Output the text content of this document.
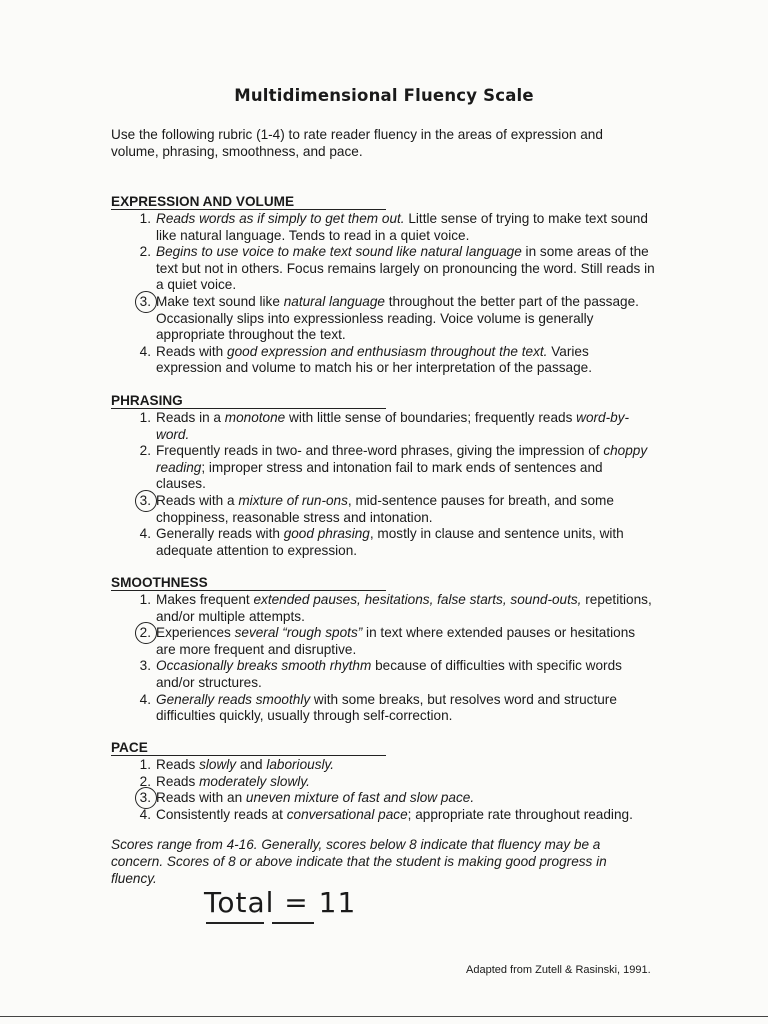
Multidimensional Fluency Scale
Use the following rubric (1-4) to rate reader fluency in the areas of expression and volume, phrasing, smoothness, and pace.
EXPRESSION AND VOLUME
1. Reads words as if simply to get them out. Little sense of trying to make text sound like natural language. Tends to read in a quiet voice.
2. Begins to use voice to make text sound like natural language in some areas of the text but not in others. Focus remains largely on pronouncing the word. Still reads in a quiet voice.
3. Make text sound like natural language throughout the better part of the passage. Occasionally slips into expressionless reading. Voice volume is generally appropriate throughout the text.
4. Reads with good expression and enthusiasm throughout the text. Varies expression and volume to match his or her interpretation of the passage.
PHRASING
1. Reads in a monotone with little sense of boundaries; frequently reads word-by-word.
2. Frequently reads in two- and three-word phrases, giving the impression of choppy reading; improper stress and intonation fail to mark ends of sentences and clauses.
3. Reads with a mixture of run-ons, mid-sentence pauses for breath, and some choppiness, reasonable stress and intonation.
4. Generally reads with good phrasing, mostly in clause and sentence units, with adequate attention to expression.
SMOOTHNESS
1. Makes frequent extended pauses, hesitations, false starts, sound-outs, repetitions, and/or multiple attempts.
2. Experiences several “rough spots” in text where extended pauses or hesitations are more frequent and disruptive.
3. Occasionally breaks smooth rhythm because of difficulties with specific words and/or structures.
4. Generally reads smoothly with some breaks, but resolves word and structure difficulties quickly, usually through self-correction.
PACE
1. Reads slowly and laboriously.
2. Reads moderately slowly.
3. Reads with an uneven mixture of fast and slow pace.
4. Consistently reads at conversational pace; appropriate rate throughout reading.
Scores range from 4-16. Generally, scores below 8 indicate that fluency may be a concern. Scores of 8 or above indicate that the student is making good progress in fluency.
Total = 11
Adapted from Zutell & Rasinski, 1991.
